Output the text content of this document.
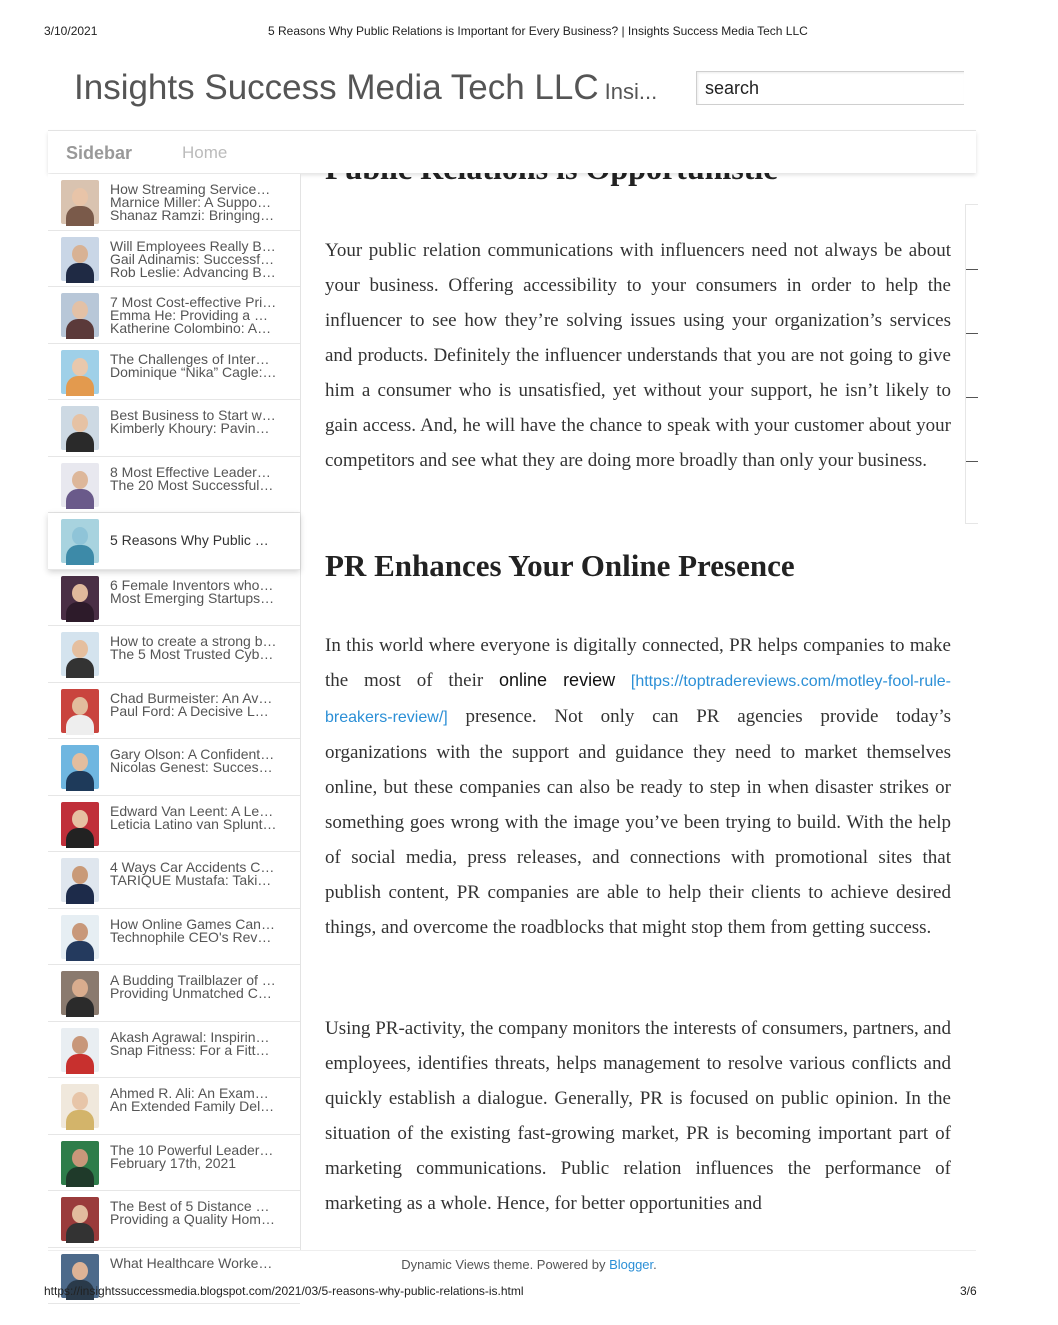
3/10/2021	5 Reasons Why Public Relations is Important for Every Business? | Insights Success Media Tech LLC

Your public relation communications with influencers need not always be about your business. Offering accessibility to your consumers in order to help the influencer to see how they’re solving issues using your organization’s services and products. Definitely the influencer understands that you are not going to give him a consumer who is unsatisfied, yet without your support, he isn’t likely to gain access. And, he will have the chance to speak with your customer about your competitors and see what they are doing more broadly than only your business.

PR Enhances Your Online Presence

In this world where everyone is digitally connected, PR helps companies to make the most of their online review [https://toptradereviews.com/motley-fool-rule-breakers-review/] presence. Not only can PR agencies provide today’s organizations with the support and guidance they need to market themselves online, but these companies can also be ready to step in when disaster strikes or something goes wrong with the image you’ve been trying to build. With the help of social media, press releases, and connections with promotional sites that publish content, PR companies are able to help their clients to achieve desired things, and overcome the roadblocks that might stop them from getting success.

Using PR-activity, the company monitors the interests of consumers, partners, and employees, identifies threats, helps management to resolve various conflicts and quickly establish a dialogue. Generally, PR is focused on public opinion. In the situation of the existing fast-growing market, PR is becoming important part of marketing communications. Public relation influences the performance of marketing as a whole. Hence, for better opportunities and

Insights Success Media Tech LLC Insi...
search
Sidebar	Home
How Streaming Service…
Marnice Miller: A Suppo…
Shanaz Ramzi: Bringing…
Will Employees Really B…
Gail Adinamis: Successf…
Rob Leslie: Advancing B…
7 Most Cost-effective Pri…
Emma He: Providing a …
Katherine Colombino: A…
The Challenges of Inter…
Dominique “Nika” Cagle:…
Best Business to Start w…
Kimberly Khoury: Pavin…
8 Most Effective Leader…
The 20 Most Successful…
5 Reasons Why Public …
6 Female Inventors who…
Most Emerging Startups…
How to create a strong b…
The 5 Most Trusted Cyb…
Chad Burmeister: An Av…
Paul Ford: A Decisive L…
Gary Olson: A Confident…
Nicolas Genest: Succes…
Edward Van Leent: A Le…
Leticia Latino van Splunt…
4 Ways Car Accidents C…
TARIQUE Mustafa: Taki…
How Online Games Can…
Technophile CEO's Rev…
A Budding Trailblazer of …
Providing Unmatched C…
Akash Agrawal: Inspirin…
Snap Fitness: For a Fitt…
Ahmed R. Ali: An Exam…
An Extended Family Del…
The 10 Powerful Leader…
February 17th, 2021
The Best of 5 Distance …
Providing a Quality Hom…
What Healthcare Worke…	Dynamic Views theme. Powered by Blogger.
https://insightssuccessmedia.blogspot.com/2021/03/5-reasons-why-public-relations-is.html	3/6
